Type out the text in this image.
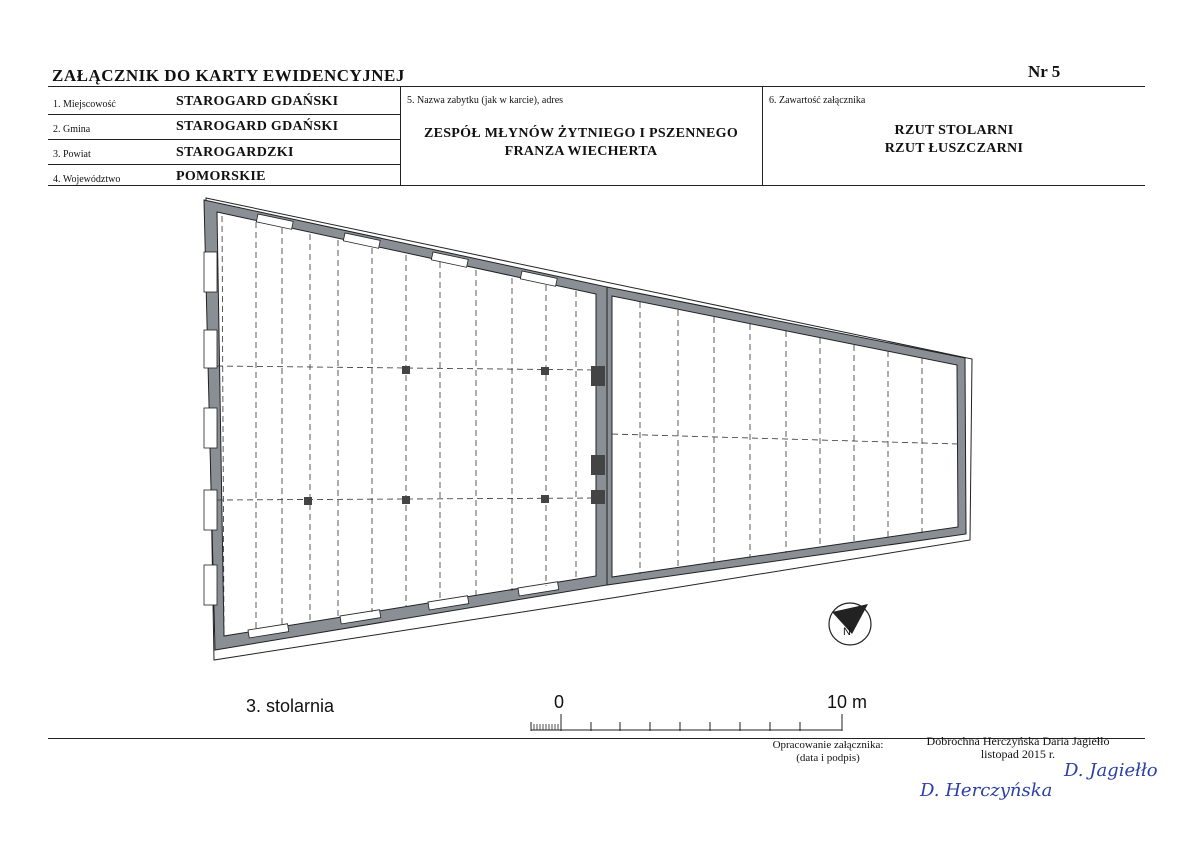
ZAŁĄCZNIK DO KARTY EWIDENCYJNEJ	Nr 5
1. Miejscowość	STAROGARD GDAŃSKI
2. Gmina	STAROGARD GDAŃSKI
3. Powiat	STAROGARDZKI
4. Województwo	POMORSKIE
5. Nazwa zabytku (jak w karcie), adres
ZESPÓŁ MŁYNÓW ŻYTNIEGO I PSZENNEGO
FRANZA WIECHERTA
6. Zawartość załącznika
RZUT STOLARNI
RZUT ŁUSZCZARNI
N
3. stolarnia	0	10 m
Opracowanie załącznika:
(data i podpis)
Dobrochna Herczyńska Daria Jagiełło
listopad 2015 r.
D. Herczyńska
D. Jagiełło
